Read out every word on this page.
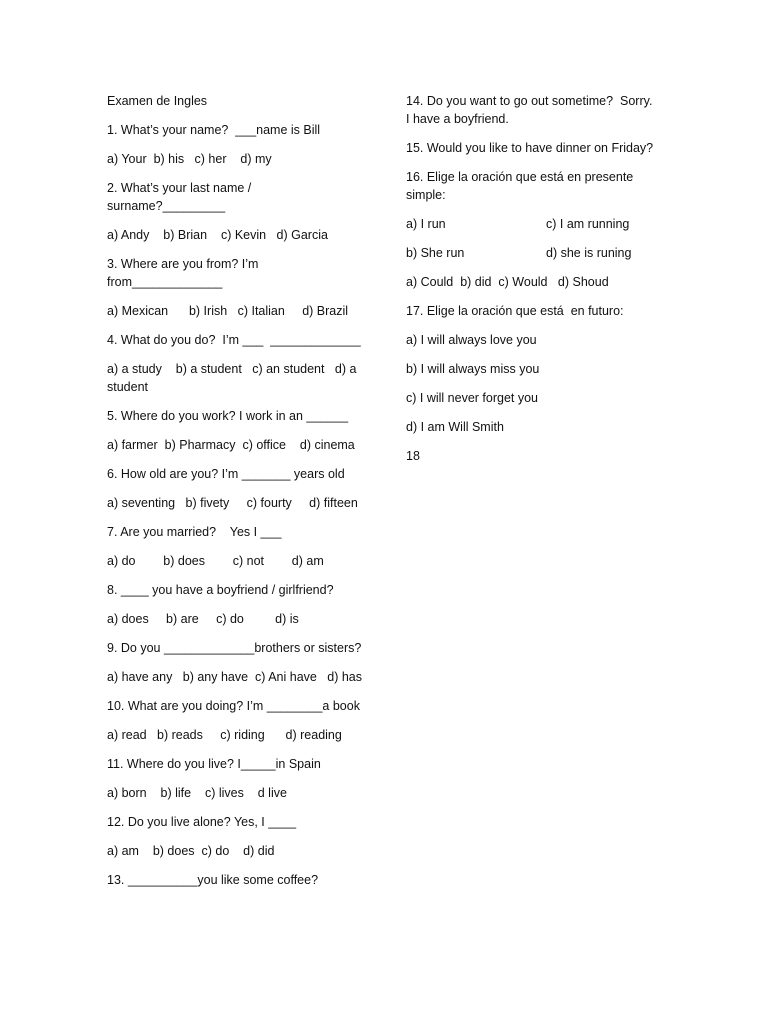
Examen de Ingles
1. What’s your name?  ___name is Bill
a) Your  b) his   c) her    d) my
2. What’s your last name /
surname?_________
a) Andy    b) Brian    c) Kevin   d) Garcia
3. Where are you from? I’m
from_____________
a) Mexican      b) Irish   c) Italian     d) Brazil
4. What do you do?  I’m ___  _____________
a) a study    b) a student   c) an student   d) a
student
5. Where do you work? I work in an ______
a) farmer  b) Pharmacy  c) office    d) cinema
6. How old are you? I’m _______ years old
a) seventing   b) fivety     c) fourty     d) fifteen
7. Are you married?    Yes I ___
a) do        b) does        c) not        d) am
8. ____ you have a boyfriend / girlfriend?
a) does     b) are     c) do         d) is
9. Do you _____________brothers or sisters?
a) have any   b) any have  c) Ani have   d) has
10. What are you doing? I’m ________a book
a) read   b) reads     c) riding      d) reading
11. Where do you live? I_____in Spain
a) born    b) life    c) lives    d live
12. Do you live alone? Yes, I ____
a) am    b) does  c) do    d) did
13. __________you like some coffee?
14. Do you want to go out sometime?  Sorry.
I have a boyfriend.
15. Would you like to have dinner on Friday?
16. Elige la oración que está en presente
simple:
a) I run	c) I am running
b) She run	d) she is runing
a) Could  b) did  c) Would   d) Shoud
17. Elige la oración que está  en futuro:
a) I will always love you
b) I will always miss you
c) I will never forget you
d) I am Will Smith
18
